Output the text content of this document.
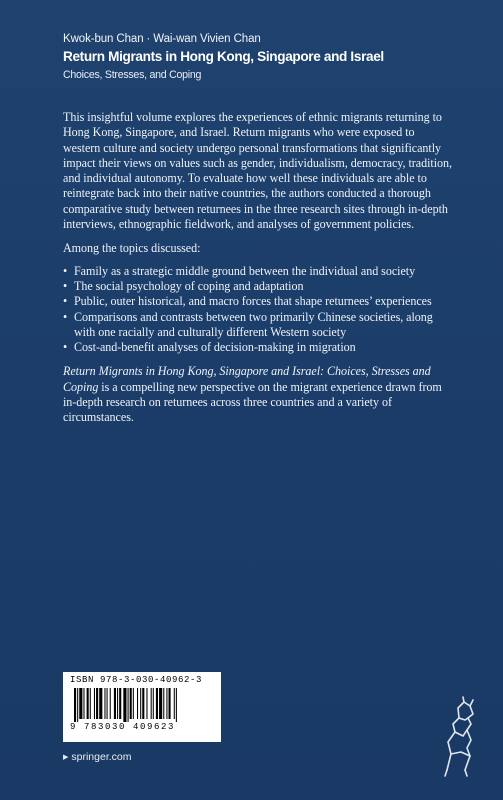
Kwok-bun Chan · Wai-wan Vivien Chan
Return Migrants in Hong Kong, Singapore and Israel
Choices, Stresses, and Coping

This insightful volume explores the experiences of ethnic migrants returning to Hong Kong, Singapore, and Israel. Return migrants who were exposed to western culture and society undergo personal transformations that significantly impact their views on values such as gender, individualism, democracy, tradition, and individual autonomy. To evaluate how well these individuals are able to reintegrate back into their native countries, the authors conducted a thorough comparative study between returnees in the three research sites through in-depth interviews, ethnographic fieldwork, and analyses of government policies.

Among the topics discussed:

• Family as a strategic middle ground between the individual and society
• The social psychology of coping and adaptation
• Public, outer historical, and macro forces that shape returnees’ experiences
• Comparisons and contrasts between two primarily Chinese societies, along with one racially and culturally different Western society
• Cost-and-benefit analyses of decision-making in migration

Return Migrants in Hong Kong, Singapore and Israel: Choices, Stresses and Coping is a compelling new perspective on the migrant experience drawn from in-depth research on returnees across three countries and a variety of circumstances.

ISBN 978-3-030-40962-3
9 783030 409623
▶ springer.com
